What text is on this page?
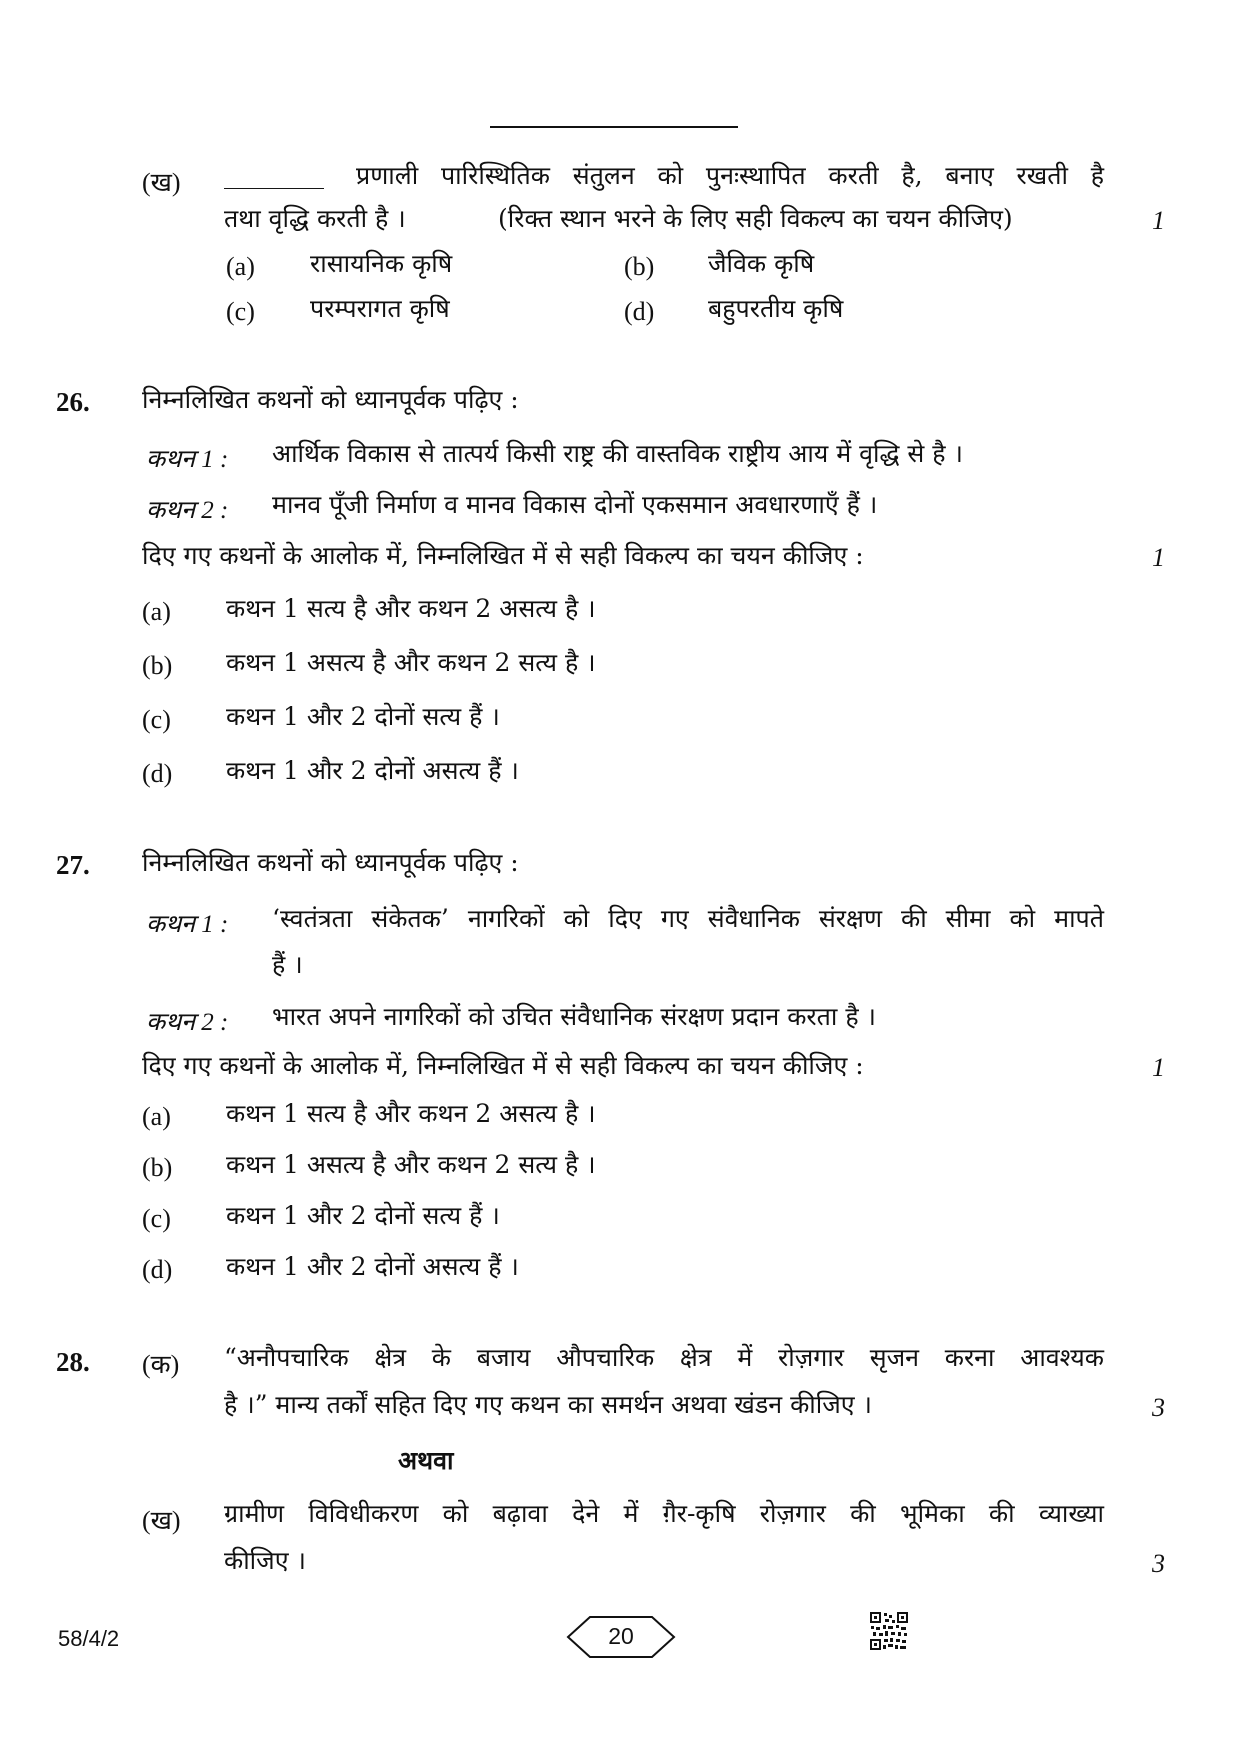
(ख) ________	प्रणाली पारिस्थितिक संतुलन को पुनःस्थापित करती है, बनाए रखती है
तथा वृद्धि करती है ।	(रिक्त स्थान भरने के लिए सही विकल्प का चयन कीजिए)	1
(a) रासायनिक कृषि	(b) जैविक कृषि
(c) परम्परागत कृषि	(d) बहुपरतीय कृषि
26. निम्नलिखित कथनों को ध्यानपूर्वक पढ़िए :
कथन 1 : आर्थिक विकास से तात्पर्य किसी राष्ट्र की वास्तविक राष्ट्रीय आय में वृद्धि से है ।
कथन 2 : मानव पूँजी निर्माण व मानव विकास दोनों एकसमान अवधारणाएँ हैं ।
दिए गए कथनों के आलोक में, निम्नलिखित में से सही विकल्प का चयन कीजिए :	1
(a) कथन 1 सत्य है और कथन 2 असत्य है ।
(b) कथन 1 असत्य है और कथन 2 सत्य है ।
(c) कथन 1 और 2 दोनों सत्य हैं ।
(d) कथन 1 और 2 दोनों असत्य हैं ।
27. निम्नलिखित कथनों को ध्यानपूर्वक पढ़िए :
कथन 1 : ‘स्वतंत्रता संकेतक’ नागरिकों को दिए गए संवैधानिक संरक्षण की सीमा को मापते
हैं ।
कथन 2 : भारत अपने नागरिकों को उचित संवैधानिक संरक्षण प्रदान करता है ।
दिए गए कथनों के आलोक में, निम्नलिखित में से सही विकल्प का चयन कीजिए :	1
(a) कथन 1 सत्य है और कथन 2 असत्य है ।
(b) कथन 1 असत्य है और कथन 2 सत्य है ।
(c) कथन 1 और 2 दोनों सत्य हैं ।
(d) कथन 1 और 2 दोनों असत्य हैं ।
28. (क) “अनौपचारिक क्षेत्र के बजाय औपचारिक क्षेत्र में रोज़गार सृजन करना आवश्यक
है ।” मान्य तर्कों सहित दिए गए कथन का समर्थन अथवा खंडन कीजिए ।	3
अथवा
(ख) ग्रामीण विविधीकरण को बढ़ावा देने में ग़ैर-कृषि रोज़गार की भूमिका की व्याख्या
कीजिए ।	3
58/4/2	20
